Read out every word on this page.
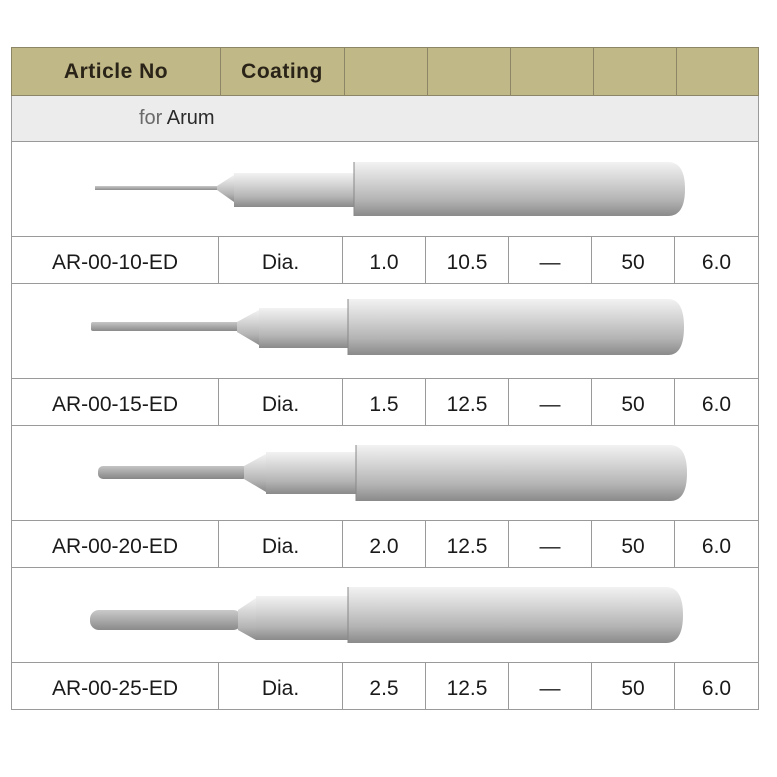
Article No	Coating
for Arum
AR-00-10-ED	Dia.	1.0	10.5	—	50	6.0
AR-00-15-ED	Dia.	1.5	12.5	—	50	6.0
AR-00-20-ED	Dia.	2.0	12.5	—	50	6.0
AR-00-25-ED	Dia.	2.5	12.5	—	50	6.0
